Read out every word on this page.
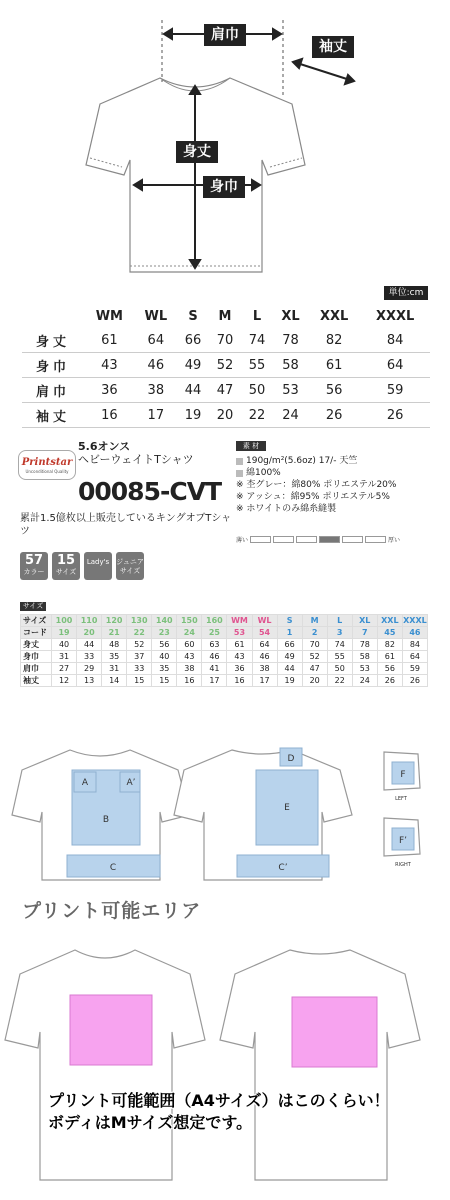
肩巾
袖丈
身丈
身巾
単位:cm
	WM	WL	S	M	L	XL	XXL	XXXL
身丈	61	64	66	70	74	78	82	84
身巾	43	46	49	52	55	58	61	64
肩巾	36	38	44	47	50	53	56	59
袖丈	16	17	19	20	22	24	26	26
Printstar
Unconditional Quality
5.6オンス
ヘビーウェイトTシャツ
00085-CVT
累計1.5億枚以上販売しているキングオブTシャツ
57
カラー
15
サイズ
Lady's ジュニアサイズ
素 材
190g/m²(5.6oz) 17/- 天竺
綿100%
※ 杢グレー：綿80% ポリエステル20%
※ アッシュ：綿95% ポリエステル5%
※ ホワイトのみ綿糸縫製
薄い	厚い
サイズ
サイズ	100	110	120	130	140	150	160	WM	WL	S	M	L	XL	XXL	XXXL
コード	19	20	21	22	23	24	25	53	54	1	2	3	7	45	46
身丈	40	44	48	52	56	60	63	61	64	66	70	74	78	82	84
身巾	31	33	35	37	40	43	46	43	46	49	52	55	58	61	64
肩巾	27	29	31	33	35	38	41	36	38	44	47	50	53	56	59
袖丈	12	13	14	15	15	16	17	16	17	19	20	22	24	26	26
A	A’
B
C
D
E
C’
F
F’
LEFT
RIGHT
プリント可能エリア
プリント可能範囲（A4サイズ）はこのくらい！
ボディはMサイズ想定です。
